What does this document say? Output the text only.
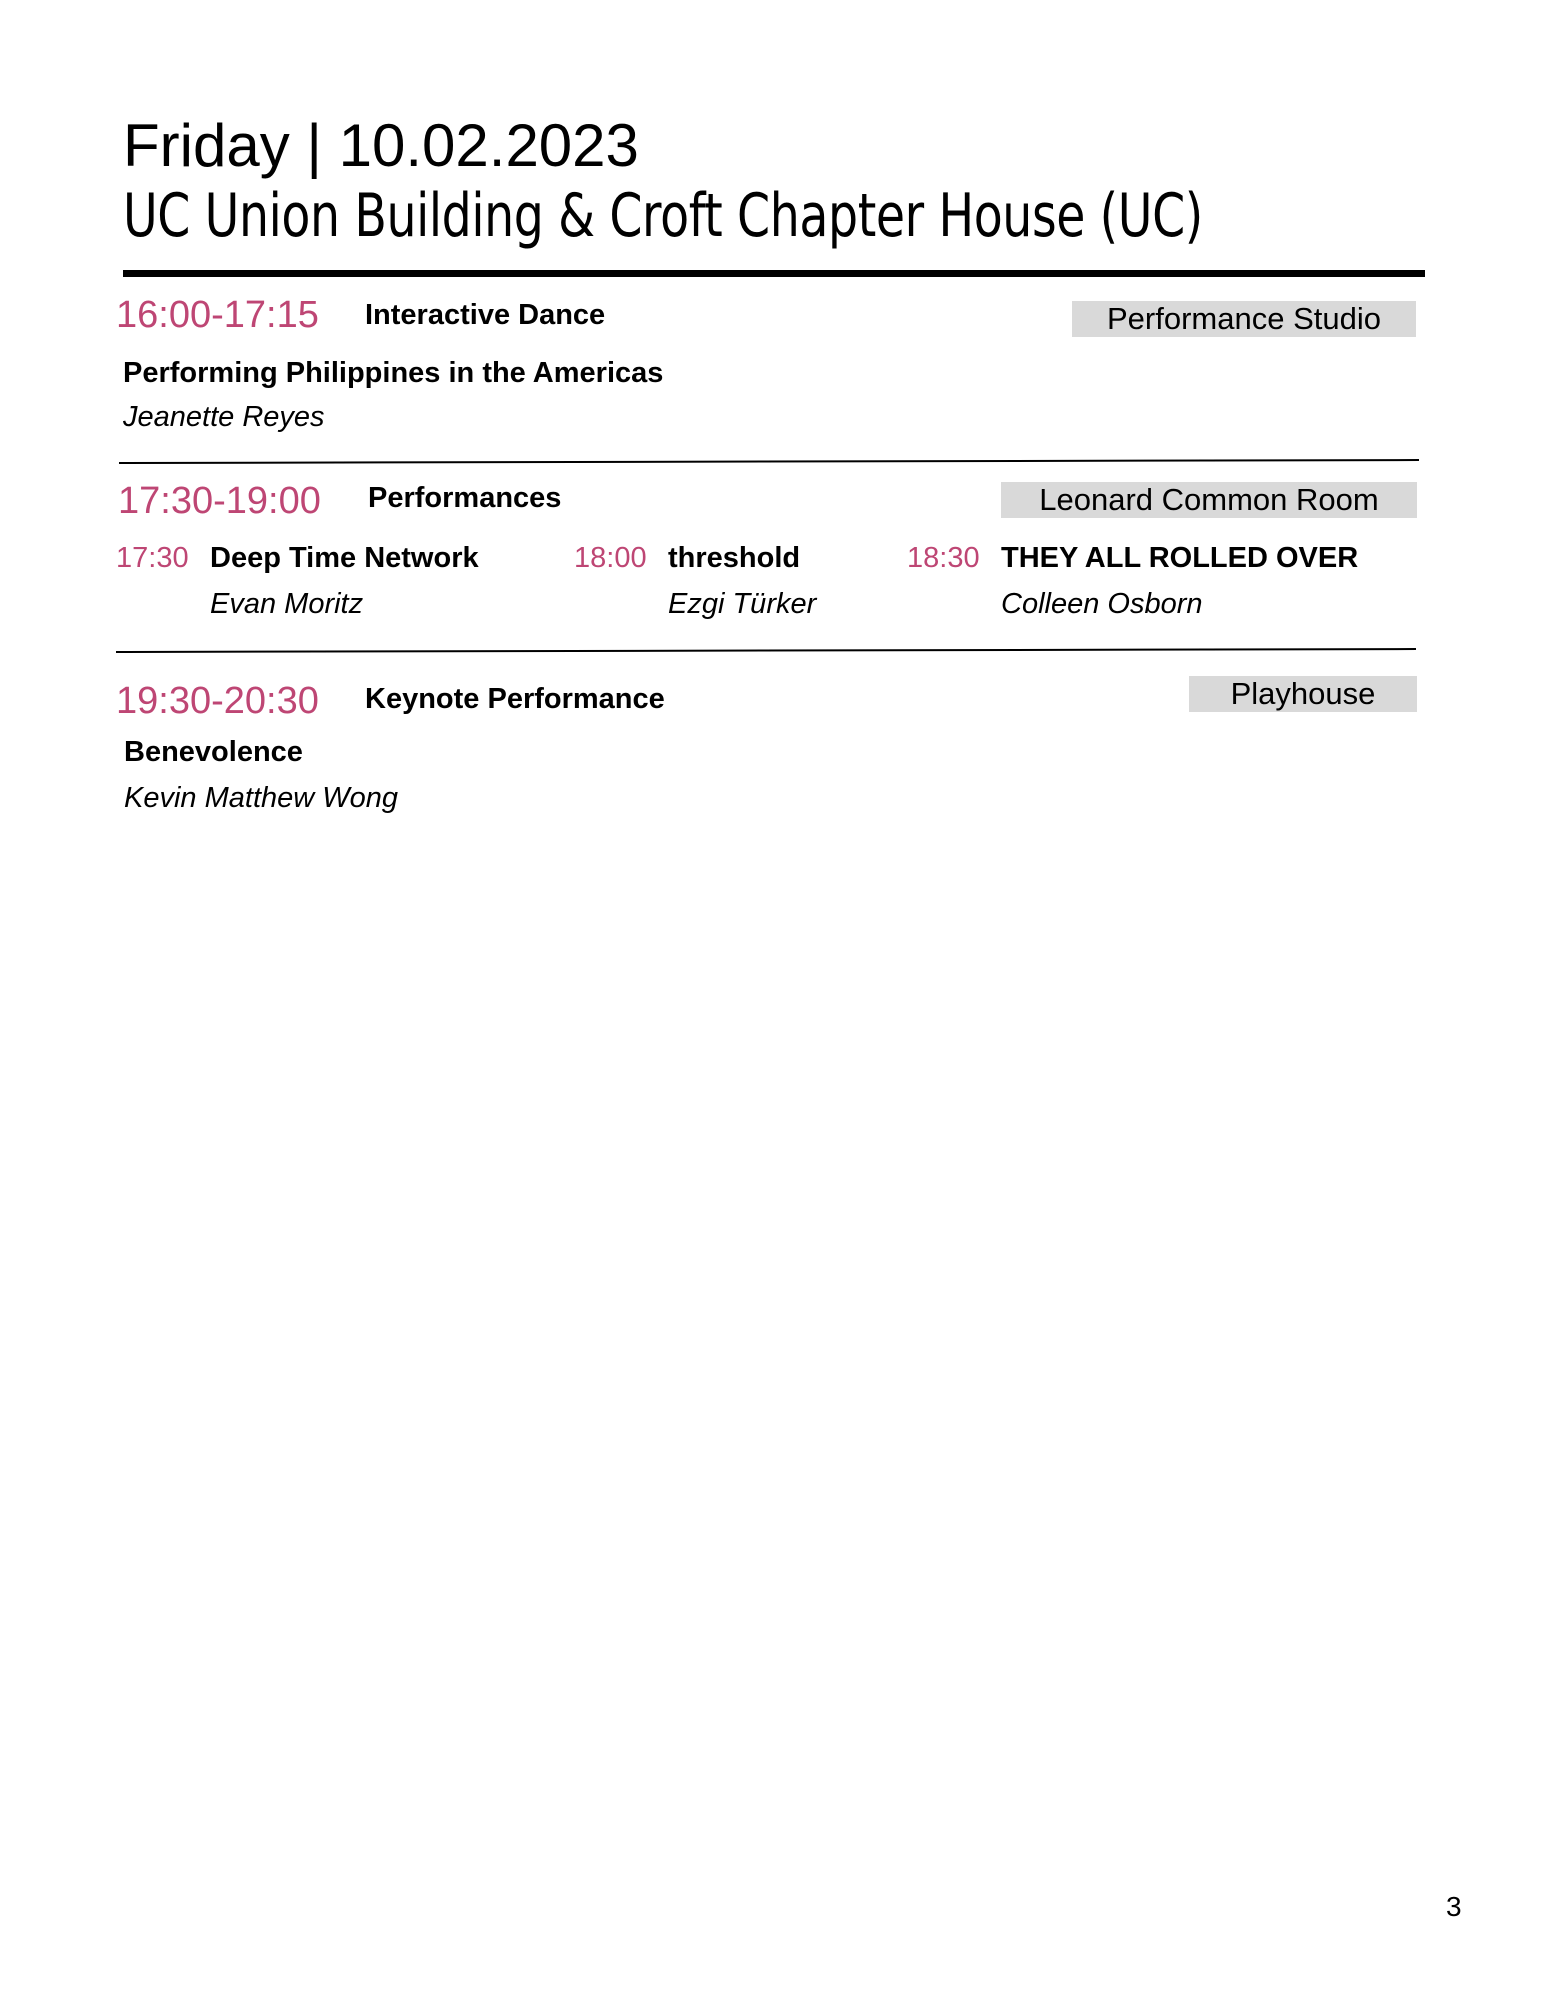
Friday | 10.02.2023
UC Union Building & Croft Chapter House (UC)
16:00-17:15 Interactive Dance	Performance Studio
Performing Philippines in the Americas
Jeanette Reyes
17:30-19:00 Performances	Leonard Common Room
17:30 Deep Time Network
Evan Moritz
18:00 threshold
Ezgi Türker
18:30 THEY ALL ROLLED OVER
Colleen Osborn
19:30-20:30 Keynote Performance	Playhouse
Benevolence
Kevin Matthew Wong
3
